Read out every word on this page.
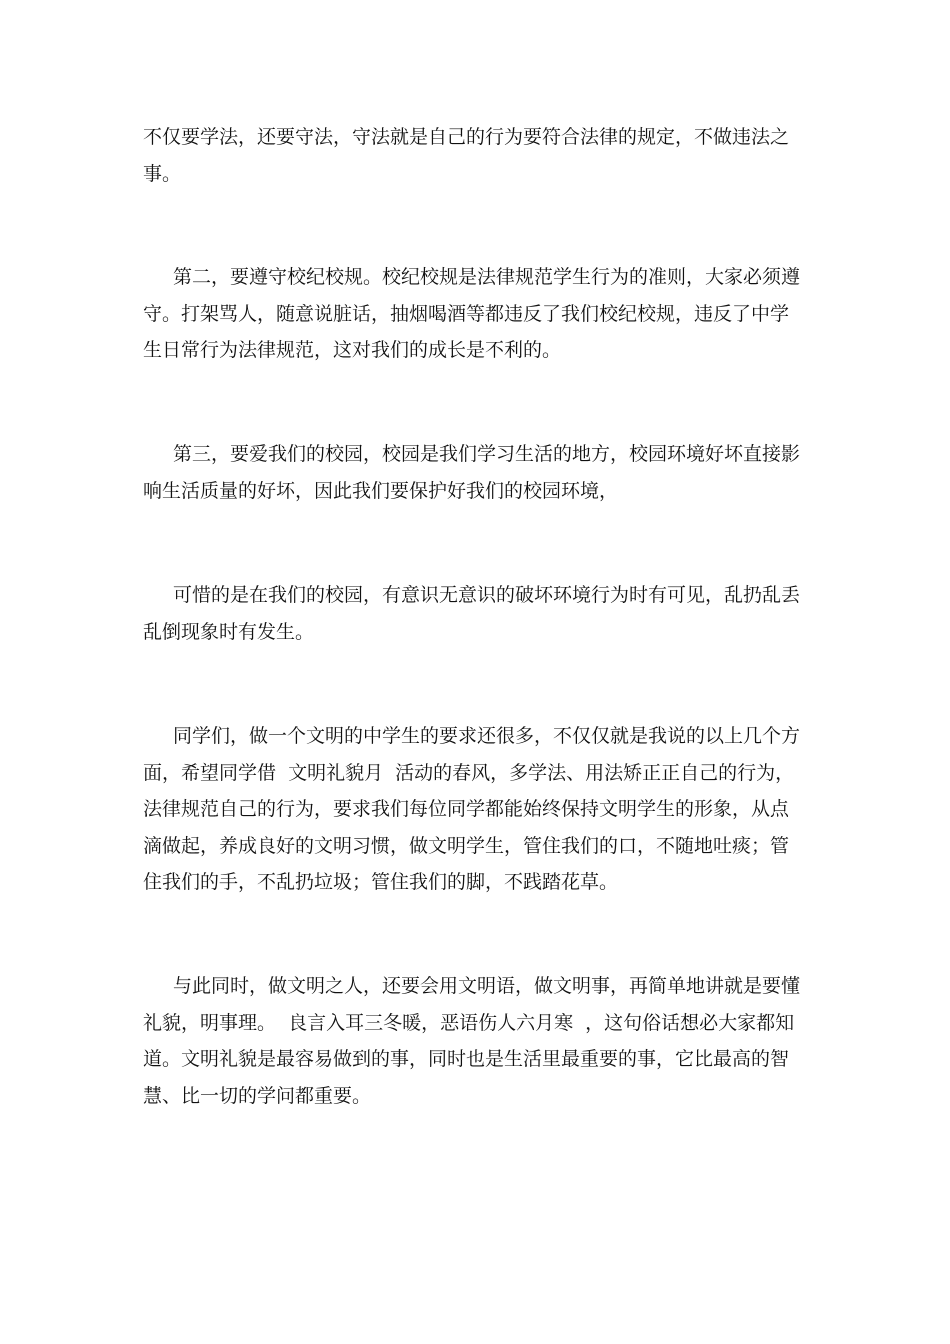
不仅要学法，还要守法，守法就是自己的行为要符合法律的规定，不做违法之
事。
第二，要遵守校纪校规。校纪校规是法律规范学生行为的准则，大家必须遵
守。打架骂人，随意说脏话，抽烟喝酒等都违反了我们校纪校规，违反了中学
生日常行为法律规范，这对我们的成长是不利的。
第三，要爱我们的校园，校园是我们学习生活的地方，校园环境好坏直接影
响生活质量的好坏，因此我们要保护好我们的校园环境，
可惜的是在我们的校园，有意识无意识的破坏环境行为时有可见，乱扔乱丢
乱倒现象时有发生。
同学们，做一个文明的中学生的要求还很多，不仅仅就是我说的以上几个方
面，希望同学借  文明礼貌月  活动的春风，多学法、用法矫正正自己的行为，
法律规范自己的行为，要求我们每位同学都能始终保持文明学生的形象，从点
滴做起，养成良好的文明习惯，做文明学生，管住我们的口，不随地吐痰；管
住我们的手，不乱扔垃圾；管住我们的脚，不践踏花草。
与此同时，做文明之人，还要会用文明语，做文明事，再简单地讲就是要懂
礼貌，明事理。  良言入耳三冬暖，恶语伤人六月寒  ，这句俗话想必大家都知
道。文明礼貌是最容易做到的事，同时也是生活里最重要的事，它比最高的智
慧、比一切的学问都重要。
